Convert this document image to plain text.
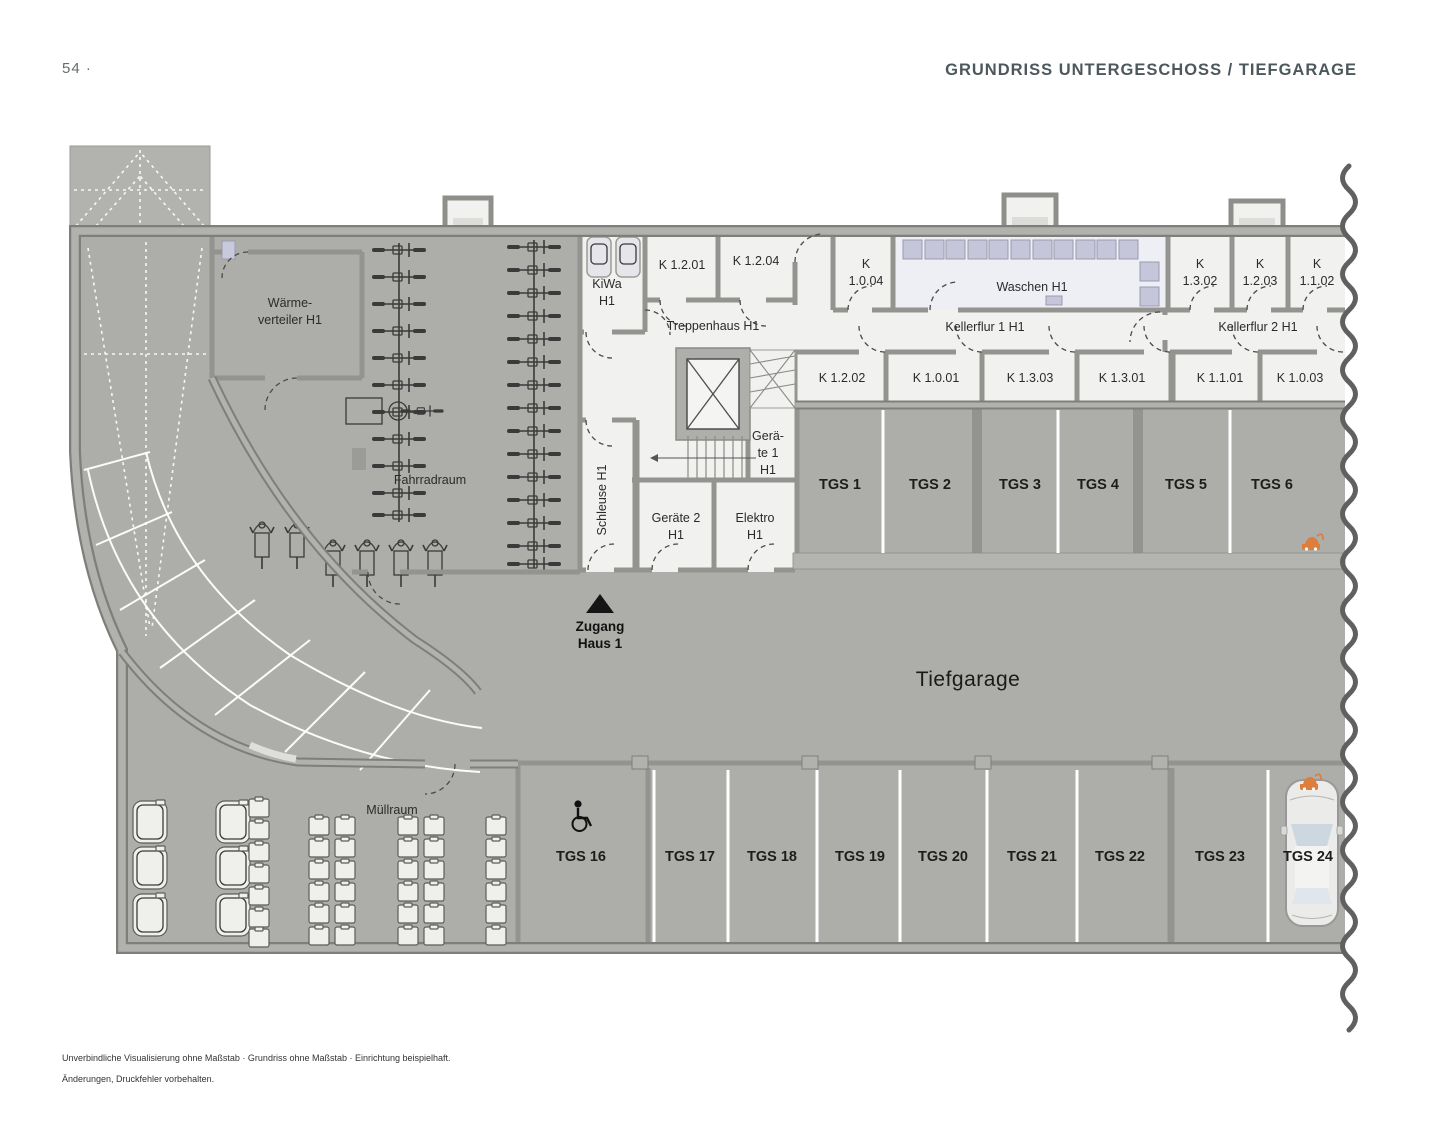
54 ·	GRUNDRISS UNTERGESCHOSS / TIEFGARAGE
Wärme-
verteiler H1
Fahrradraum
KiWa
H1
K 1.2.01 K 1.2.04
Treppenhaus H1
K
1.0.04	Waschen H1
K
1.3.02
K
1.2.03
K
1.1.02
Kellerflur 1 H1	Kellerflur 2 H1
K 1.2.02	K 1.0.01	K 1.3.03	K 1.3.01	K 1.1.01	K 1.0.03
Gerä-
te 1
H1
Schleuse H1	Geräte 2
H1
Elektro
H1
Müllraum
TGS 1	TGS 2	TGS 3 TGS 4	TGS 5	TGS 6
TGS 16	TGS 17 TGS 18	TGS 19 TGS 20	TGS 21	TGS 22	TGS 23	TGS 24
Tiefgarage
Zugang
Haus 1
Unverbindliche Visualisierung ohne Maßstab · Grundriss ohne Maßstab · Einrichtung beispielhaft.
Änderungen, Druckfehler vorbehalten.
